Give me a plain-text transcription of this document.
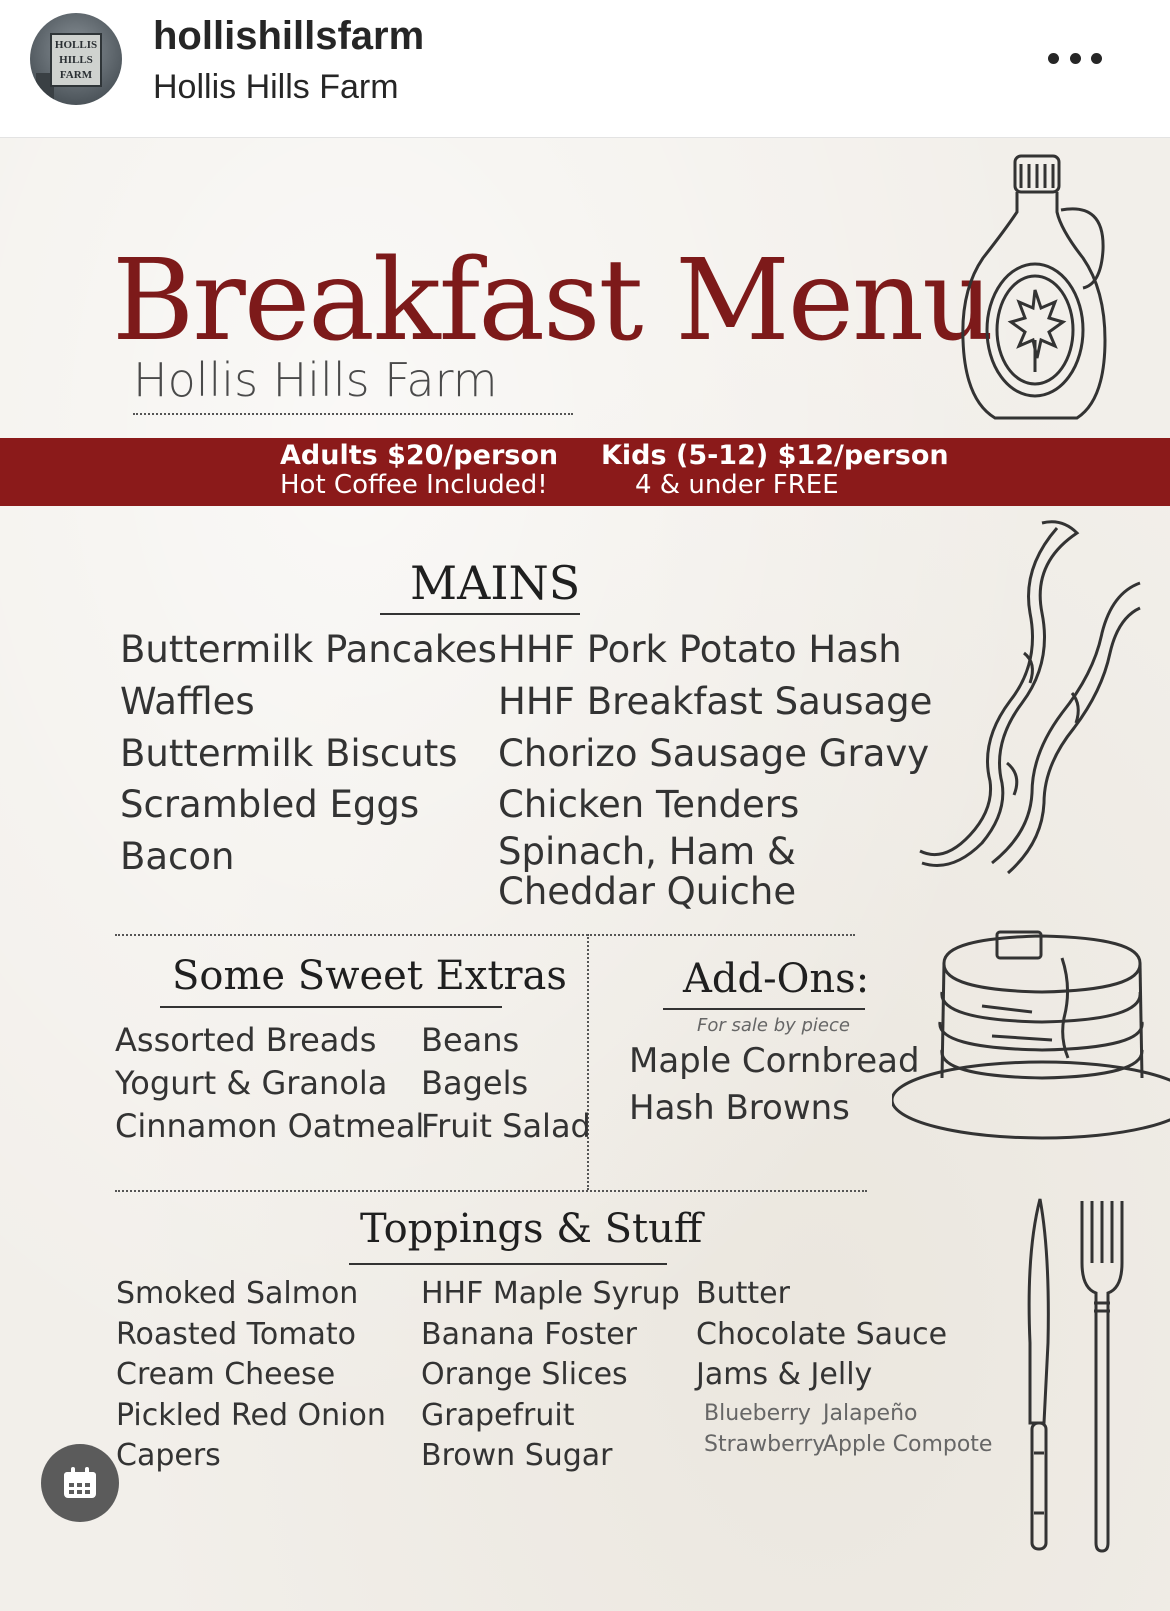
HOLLIS HILLS FARM
hollishillsfarm
Hollis Hills Farm
Breakfast Menu
Hollis Hills Farm
Adults $20/person
Hot Coffee Included!
Kids (5-12) $12/person
4 & under FREE
MAINS
Buttermilk Pancakes
Waffles
Buttermilk Biscuts
Scrambled Eggs
Bacon
HHF Pork Potato Hash
HHF Breakfast Sausage
Chorizo Sausage Gravy
Chicken Tenders
Spinach, Ham &
Cheddar Quiche
Some Sweet Extras
Assorted Breads
Yogurt & Granola
Cinnamon Oatmeal
Beans
Bagels
Fruit Salad
Add-Ons:
For sale by piece
Maple Cornbread
Hash Browns
Toppings & Stuff
Smoked Salmon
Roasted Tomato
Cream Cheese
Pickled Red Onion
Capers
HHF Maple Syrup
Banana Foster
Orange Slices
Grapefruit
Brown Sugar
Butter
Chocolate Sauce
Jams & Jelly
Blueberry Jalapeño
Strawberry
Apple Compote
